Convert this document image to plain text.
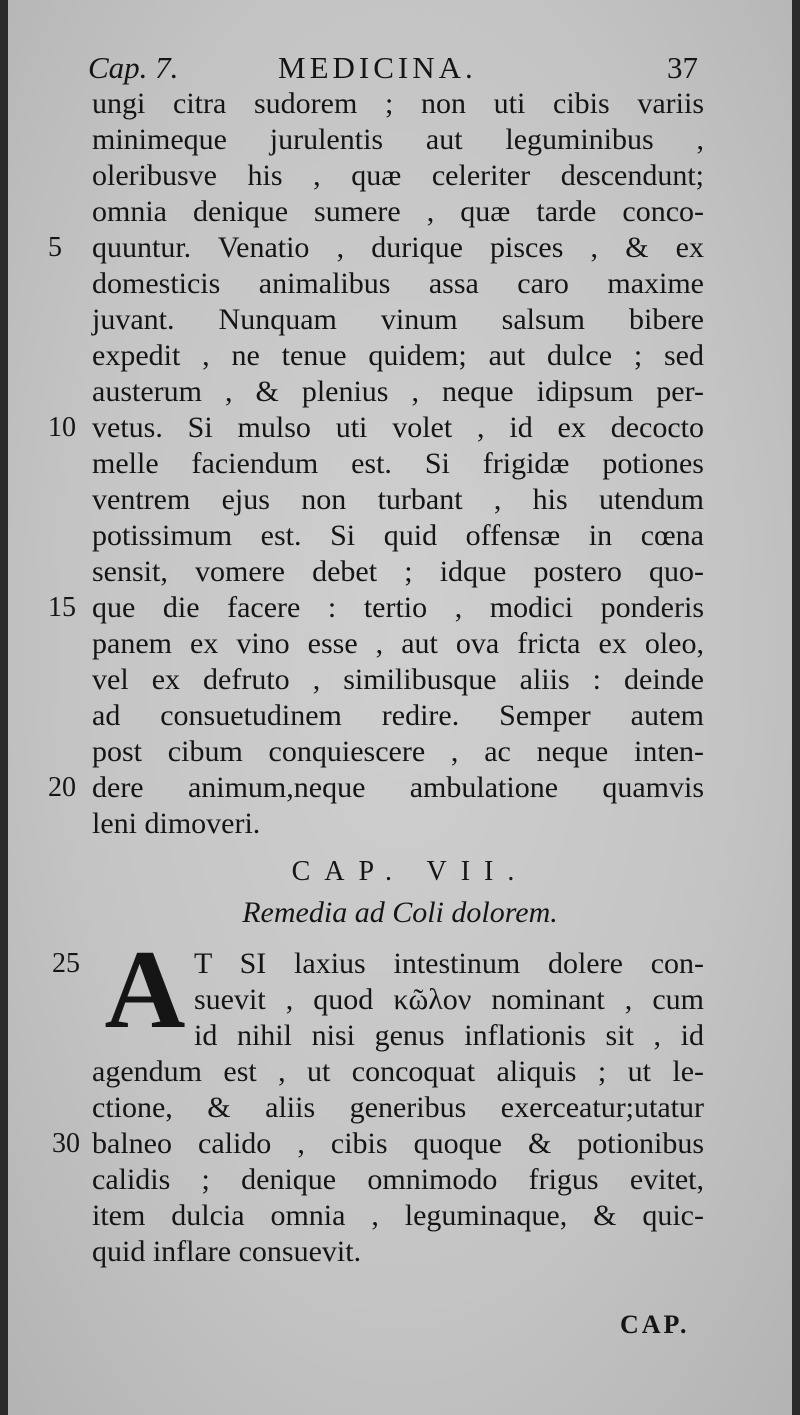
Cap. 7.	MEDICINA.	37
ungi citra sudorem ; non uti cibis variis
minimeque jurulentis aut leguminibus ,
oleribusve his , quæ celeriter descendunt;
omnia denique sumere , quæ tarde conco-
quuntur. Venatio , durique pisces , & ex
domesticis animalibus assa caro maxime
juvant. Nunquam vinum salsum bibere
expedit , ne tenue quidem; aut dulce ; sed
austerum , & plenius , neque idipsum per-
vetus. Si mulso uti volet , id ex decocto
melle faciendum est. Si frigidæ potiones
ventrem ejus non turbant , his utendum
potissimum est. Si quid offensæ in cœna
sensit, vomere debet ; idque postero quo-
que die facere : tertio , modici ponderis
panem ex vino esse , aut ova fricta ex oleo,
vel ex defruto , similibusque aliis : deinde
ad consuetudinem redire. Semper autem
post cibum conquiescere , ac neque inten-
dere animum,neque ambulatione quamvis
leni dimoveri.
5
10
15
20
CAP. VII.
Remedia ad Coli dolorem.
A T SI laxius intestinum dolere con-
suevit , quod κῶλον nominant , cum
id nihil nisi genus inflationis sit , id
agendum est , ut concoquat aliquis ; ut le-
ctione, & aliis generibus exerceatur;utatur
balneo calido , cibis quoque & potionibus
calidis ; denique omnimodo frigus evitet,
item dulcia omnia , leguminaque, & quic-
quid inflare consuevit.
25
30
CAP.
